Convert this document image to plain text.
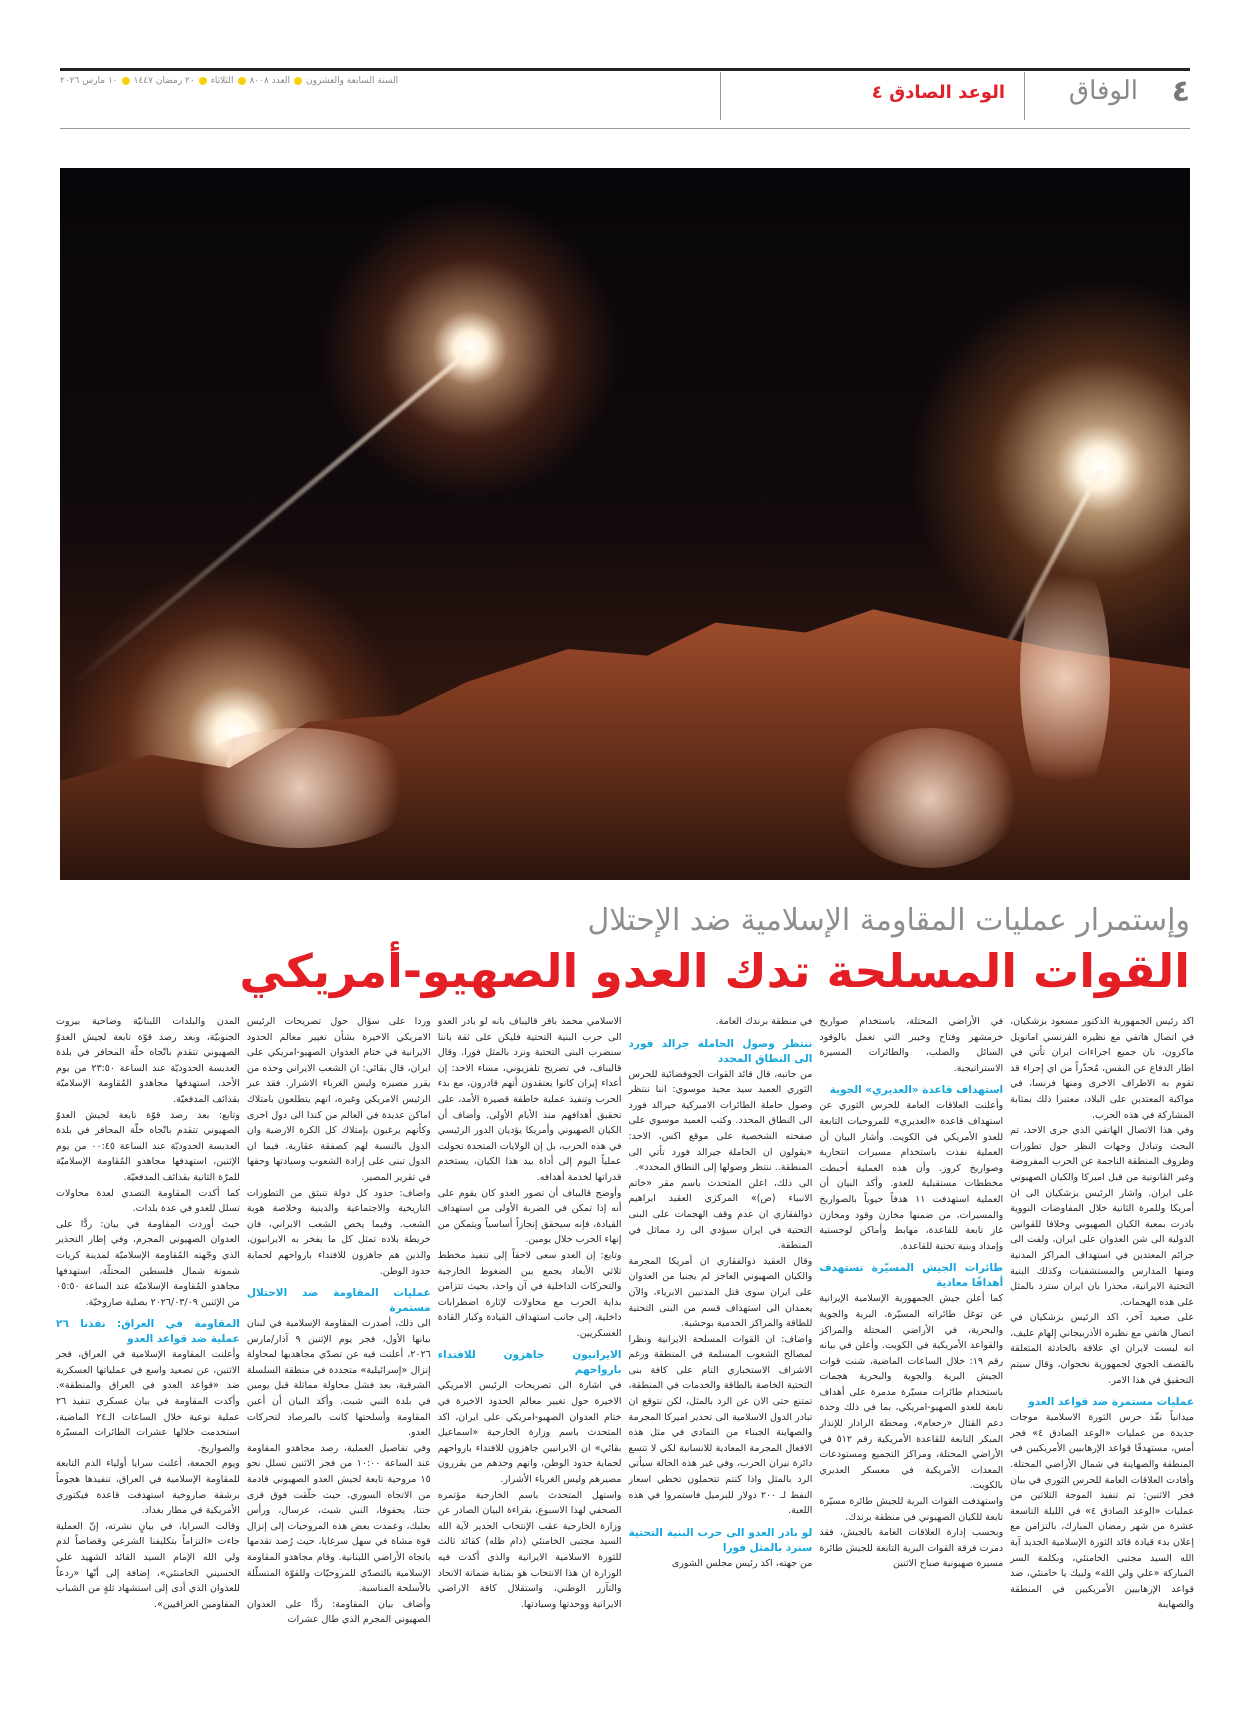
٤
الوفاق
الوعد الصادق ٤
السنة السابعة والعشرون
العدد ٨٠٠٨
الثلاثاء
٢٠ رمضان ١٤٤٧
١٠ مارس ٢٠٢٦
وإستمرار عمليات المقاومة الإسلامية ضد الإحتلال
القوات المسلحة تدك العدو الصهيو-أمريكي

اكد رئيس الجمهورية الدكتور مسعود بزشكيان، في اتصال هاتفي مع نظيره الفرنسي امانويل ماكرون، بان جميع اجراءات ايران تأتي في اطار الدفاع عن النفس، مُحذّراً من اي إجراء قد تقوم به الاطراف الاخرى ومنها فرنسا، في مواكبة المعتدين على البلاد، معتبرا ذلك بمثابة المشاركة في هذه الحرب.

وفي هذا الاتصال الهاتفي الذي جرى الاحد، تم البحث وتبادل وجهات النظر حول تطورات وظروف المنطقة الناجمة عن الحرب المفروضة وغير القانونية من قبل اميركا والكيان الصهيوني على ايران. واشار الرئيس بزشكيان الى ان أمريكا وللمرة الثانية خلال المفاوضات النووية بادرت بمعية الكيان الصهيوني وخلافا للقوانين الدولية الى شن العدوان على ايران، ولفت الى جرائم المعتدين في استهداف المراكز المدنية ومنها المدارس والمستشفيات وكذلك البنية التحتية الايرانية، محذرا بان ايران سترد بالمثل على هذه الهجمات.

على صعيد آخر، اكد الرئيس بزشكيان في اتصال هاتفي مع نظيره الأذربيجاني إلهام عليف، انه ليست لايران اي علاقة بالحادثة المتعلقة بالقصف الجوي لجمهورية نخجوان، وقال سيتم التحقيق في هذا الامر.

عمليات مستمرة ضد قواعد العدو

ميدانياً نفّذ حرس الثورة الاسلامية موجات جديدة من عمليات «الوعد الصادق ٤» فجر أمس، مستهدفًا قواعد الإرهابيين الأمريكيين في المنطقة والصهاينة في شمال الأراضي المحتلة. وأفادت العلاقات العامة للحرس الثوري في بيان فجر الاثنين: تم تنفيذ الموجة الثلاثين من عمليات «الوعد الصادق ٤» في الليلة التاسعة عشرة من شهر رمضان المبارك، بالتزامن مع إعلان بدء قيادة قائد الثورة الإسلامية الجديد آية الله السيد مجتبى الخامنئي، وبكلمة السر المباركة «علي ولي الله» ولبيك يا خامنئي، ضد قواعد الإرهابيين الأمريكيين في المنطقة والصهاينة

في الأراضي المحتلة، باستخدام صواريخ خرمشهر وفتاح وخيبر التي تعمل بالوقود السائل والصلب، والطائرات المسيرة الاستراتيجية.

استهداف قاعدة «العديري» الجوية

وأعلنت العلاقات العامة للحرس الثوري عن استهداف قاعدة «العديري» للمروحيات التابعة للعدو الأمريكي في الكويت. وأشار البيان أن العملية نفذت باستخدام مسيرات انتحارية وصواريخ كروز. وأن هذه العملية أحبطت مخططات مستقبلية للعدو. وأكد البيان أن العملية استهدفت ١١ هدفاً حيوياً بالصواريخ والمسيرات، من ضمنها مخازن وقود ومخازن غاز تابعة للقاعدة، مهابط وأماكن لوجستية وإمداد وبنية تحتية للقاعدة.

طائرات الجيش المسيّرة تستهدف أهدافًا معادية

كما أعلن جيش الجمهورية الإسلامية الإيرانية عن توغل طائراته المسيّرة، البرية والجوية والبحرية، في الأراضي المحتلة والمراكز والقواعد الأمريكية في الكويت. وأعلن في بيانه رقم ١٩: خلال الساعات الماضية، شنت قوات الجيش البرية والجوية والبحرية هجمات باستخدام طائرات مسيّرة مدمرة على أهداف تابعة للعدو الصهيو-امريكي، بما في ذلك وحدة دعم القتال «رحعام»، ومحطة الرادار للإنذار المبكر التابعة للقاعدة الأمريكية رقم ٥١٢ في الأراضي المحتلة، ومراكز التجميع ومستودعات المعدات الأمريكية في معسكر العديري بالكويت.

واستهدفت القوات البرية للجيش طائرة مسيّرة تابعة للكيان الصهيوني في منطقة برندك.

وبحسب إدارة العلاقات العامة بالجيش، فقد دمرت فرقة القوات البرية التابعة للجيش طائرة مسيرة صهيونية صباح الاثنين

في منطقة برندك العامة.

ننتظر وصول الحاملة جرالد فورد الى النطاق المحدد

من جانبه، قال قائد القوات الجوفضائية للحرس الثوري العميد سيد مجيد موسوي: اننا ننتظر وصول حاملة الطائرات الاميركية جيرالد فورد الى النطاق المحدد. وكتب العميد موسوي على صفحته الشخصية على موقع اكس، الاحد: «يقولون ان الحاملة جيرالد فورد تأتي الى المنطقة.. ننتظر وصولها إلى النطاق المحدد».

الى ذلك، اعلن المتحدث باسم مقر «خاتم الانبياء (ص)» المركزي العقيد ابراهيم ذوالفقاري ان عدم وقف الهجمات على البنى التحتية في ايران سيؤدي الى رد مماثل في المنطقة.

وقال العقيد ذوالفقاري ان أمريكا المجرمة والكيان الصهيوني العاجز لم يجنيا من العدوان على ايران سوى قتل المدنيين الابرياء، والآن يعمدان الى استهداف قسم من البنى التحتية للطاقة والمراكز الخدمية بوحشية.

واضاف: ان القوات المسلحة الايرانية ونظرا لمصالح الشعوب المسلمة في المنطقة ورغم الاشراف الاستخباري التام على كافة بنى التحتية الخاصة بالطاقة والخدمات في المنطقة، تمتنع حتى الان عن الرد بالمثل، لكن نتوقع ان تبادر الدول الاسلامية الى تحذير اميركا المجرمة والصهاينة الجبناء من التمادي في مثل هذه الافعال المجرمة المعادية للانسانية لكي لا تتسع دائرة نيران الحرب، وفي غير هذه الحالة سيأتي الرد بالمثل واذا كنتم تتحملون تخطي اسعار النفط لـ ٢٠٠ دولار للبرميل فاستمروا في هذه اللعبة.

لو بادر العدو الى حرب البنية التحتية سنرد بالمثل فورا

من جهته، اكد رئيس مجلس الشورى

الاسلامي محمد باقر قاليباف بانه لو بادر العدو الى حرب البنية التحتية فليكن على ثقة باننا سنضرب البنى التحتية ونرد بالمثل فورا. وقال قاليباف، في تصريح تلفزيوني، مساء الاحد: إن أعداء إيران كانوا يعتقدون أنهم قادرون، مع بدء الحرب وتنفيذ عملية خاطفة قصيرة الأمد، على تحقيق أهدافهم منذ الأيام الأولى. وأضاف أن الكيان الصهيوني وأمريكا يؤديان الدور الرئيسي في هذه الحرب، بل إن الولايات المتحدة تحولت عملياً اليوم إلى أداة بيد هذا الكيان، يستخدم قدراتها لخدمة أهدافه.

وأوضح قاليباف أن تصور العدو كان يقوم على أنه إذا تمكن في الضربة الأولى من استهداف القيادة، فإنه سيحقق إنجازاً أساسياً ويتمكن من إنهاء الحرب خلال يومين.

وتابع: إن العدو سعى لاحقاً إلى تنفيذ مخطط ثلاثي الأبعاد يجمع بين الضغوط الخارجية والتحركات الداخلية في آن واحد، بحيث تتزامن بداية الحرب مع محاولات لإثارة اضطرابات داخلية، إلى جانب استهداف القيادة وكبار القادة العسكريين.

الايرانيون جاهزون للافتداء بارواحهم

في اشارة الى تصريحات الرئيس الامريكي الاخيرة حول تغيير معالم الحدود الاخيرة في ختام العدوان الصهيو-امريكي على ايران، اكد المتحدث باسم وزارة الخارجية «اسماعيل بقائي» ان الايرانيين جاهزون للافتداء بارواحهم لحماية حدود الوطن، وانهم وحدهم من يقررون مصيرهم وليس الغرباء الأشرار.

واستهل المتحدث باسم الخارجية مؤتمره الصحفي لهذا الاسبوع، بقراءة البيان الصادر عن وزارة الخارجية عقب الإنتخاب الجدير لآية الله السيد مجتبى الخامنئي (دام ظله) كقائد ثالث للثورة الاسلامية الايرانية والذي أكدت فيه الوزارة ان هذا الانتخاب هو بمثابة ضمانة الاتحاد والتآزر الوطني، واستقلال كافة الاراضي الايرانية ووحدتها وسيادتها.

وردا على سؤال حول تصريحات الرئيس الامريكي الاخيرة بشأن تغيير معالم الحدود الايرانية في ختام العدوان الصهيو-امريكي على ايران، قال بقائي: ان الشعب الايراني وحده من يقرر مصيره وليس الغرباء الاشرار. فقد عبر الرئيس الامريكي وغيره، انهم يتطلعون بامتلاك اماكن عديدة في العالم من كندا الى دول اخرى وكأنهم يرغبون بإمتلاك كل الكرة الارضية وان الدول بالنسبة لهم كصفقة عقارية. فيما ان الدول تبنى على إرادة الشعوب وسيادتها وحقها في تقرير المصير.

واضاف: حدود كل دولة تنبثق من التطورات التاريخية والاجتماعية والدينية وخلاصة هوية الشعب. وفيما يخص الشعب الايراني، فان خريطة بلاده تمثل كل ما يفخر به الايرانيون، والذين هم جاهزون للافتداء بارواحهم لحماية حدود الوطن.

عمليات المقاومة ضد الاحتلال مستمرة

الى ذلك، أصدرت المقاومة الإسلامية في لبنان بيانها الأول، فجر يوم الإثنين ٩ آذار/مارس ٢٠٢٦، أعلنت فيه عن تصدّي مجاهديها لمحاولة إنزال «إسرائيلية» متجددة في منطقة السلسلة الشرقية، بعد فشل محاولة مماثلة قبل يومين في بلدة النبي شيت. وأكد البيان أن أعين المقاومة وأسلحتها كانت بالمرصاد لتحركات العدو.

وفي تفاصيل العملية، رصد مجاهدو المقاومة عند الساعة ١٠:٠٠ من فجر الاثنين تسلل نحو ١٥ مروحية تابعة لجيش العدو الصهيوني قادمة من الاتجاه السوري، حيث حلّقت فوق قرى جنتا، يحفوفا، النبي شيث، عرسال، ورأس بعلبك، وعمدت بعض هذه المروحيات إلى إنزال قوة مشاة في سهل سرغايا، حيث رُصد تقدمها باتجاه الأراضي اللبنانية. وقام مجاهدو المقاومة الإسلامية بالتصدّي للمروحيّات وللقوّة المتسلّلة بالأسلحة المناسبة.

وأضاف بيان المقاومة: ردًّا على العدوان الصهيوني المجرم الذي طال عشرات

المدن والبلدات اللبنانيّة وضاحية بيروت الجنوبيّة، وبعد رصد قوّة تابعة لجيش العدوّ الصهيوني تتقدم باتّجاه خلّة المحافر في بلدة العديسة الحدوديّة عند الساعة ٢٣:٥٠ من يوم الأحد، استهدفها مجاهدو المُقاومة الإسلاميّة بقذائف المدفعيّة.

وتابع: بعد رصد قوّة تابعة لجيش العدوّ الصهيوني تتقدم باتّجاه خلّة المحافر في بلدة العديسة الحدوديّة عند الساعة ٠٠:٤٥ من يوم الإثنين، استهدفها مجاهدو المُقاومة الإسلاميّة للمرّة الثانية بقذائف المدفعيّة.

كما أكدت المقاومة التصدي لعدة محاولات تسلل للعدو في عدة بلدات.

حيث أوردت المقاومة في بيان: ردًّا على العدوان الصهيوني المجرم، وفي إطار التحذير الذي وجّهته المُقاومة الإسلاميّة لمدينة كريات شمونة شمال فلسطين المحتلّة، استهدفها مجاهدو المُقاومة الإسلاميّة عند الساعة ٠٥:٥٠ من الإثنين ٢٠٢٦/٠٣/٠٩ بصلية صاروخيّة.

المقاومة في العراق: نفذنا ٢٦ عملية ضد قواعد العدو

وأعلنت المقاومة الإسلامية في العراق، فجر الاثنين، عن تصعيد واسع في عملياتها العسكرية ضد «قواعد العدو في العراق والمنطقة». وأكدت المقاومة في بيان عسكري تنفيذ ٢٦ عملية نوعية خلال الساعات الـ٢٤ الماضية، استخدمت خلالها عشرات الطائرات المسيّرة والصواريخ.

ويوم الجمعة، أعلنت سرايا أولياء الدم التابعة للمقاومة الإسلامية في العراق، تنفيذها هجوماً برشقة صاروخية استهدفت قاعدة فيكتوري الأمريكية في مطار بغداد.

وقالت السرايا، في بيانٍ نشرته، إنّ العملية جاءت «التزاماً بتكليفنا الشرعي وقصاصاً لدم ولي الله الإمام السيد القائد الشهيد علي الحسيني الخامنئي»، إضافة إلى أنّها «ردعاً للعدوان الذي أدى إلى استشهاد ثلةٍ من الشباب المقاومين العراقيين».
